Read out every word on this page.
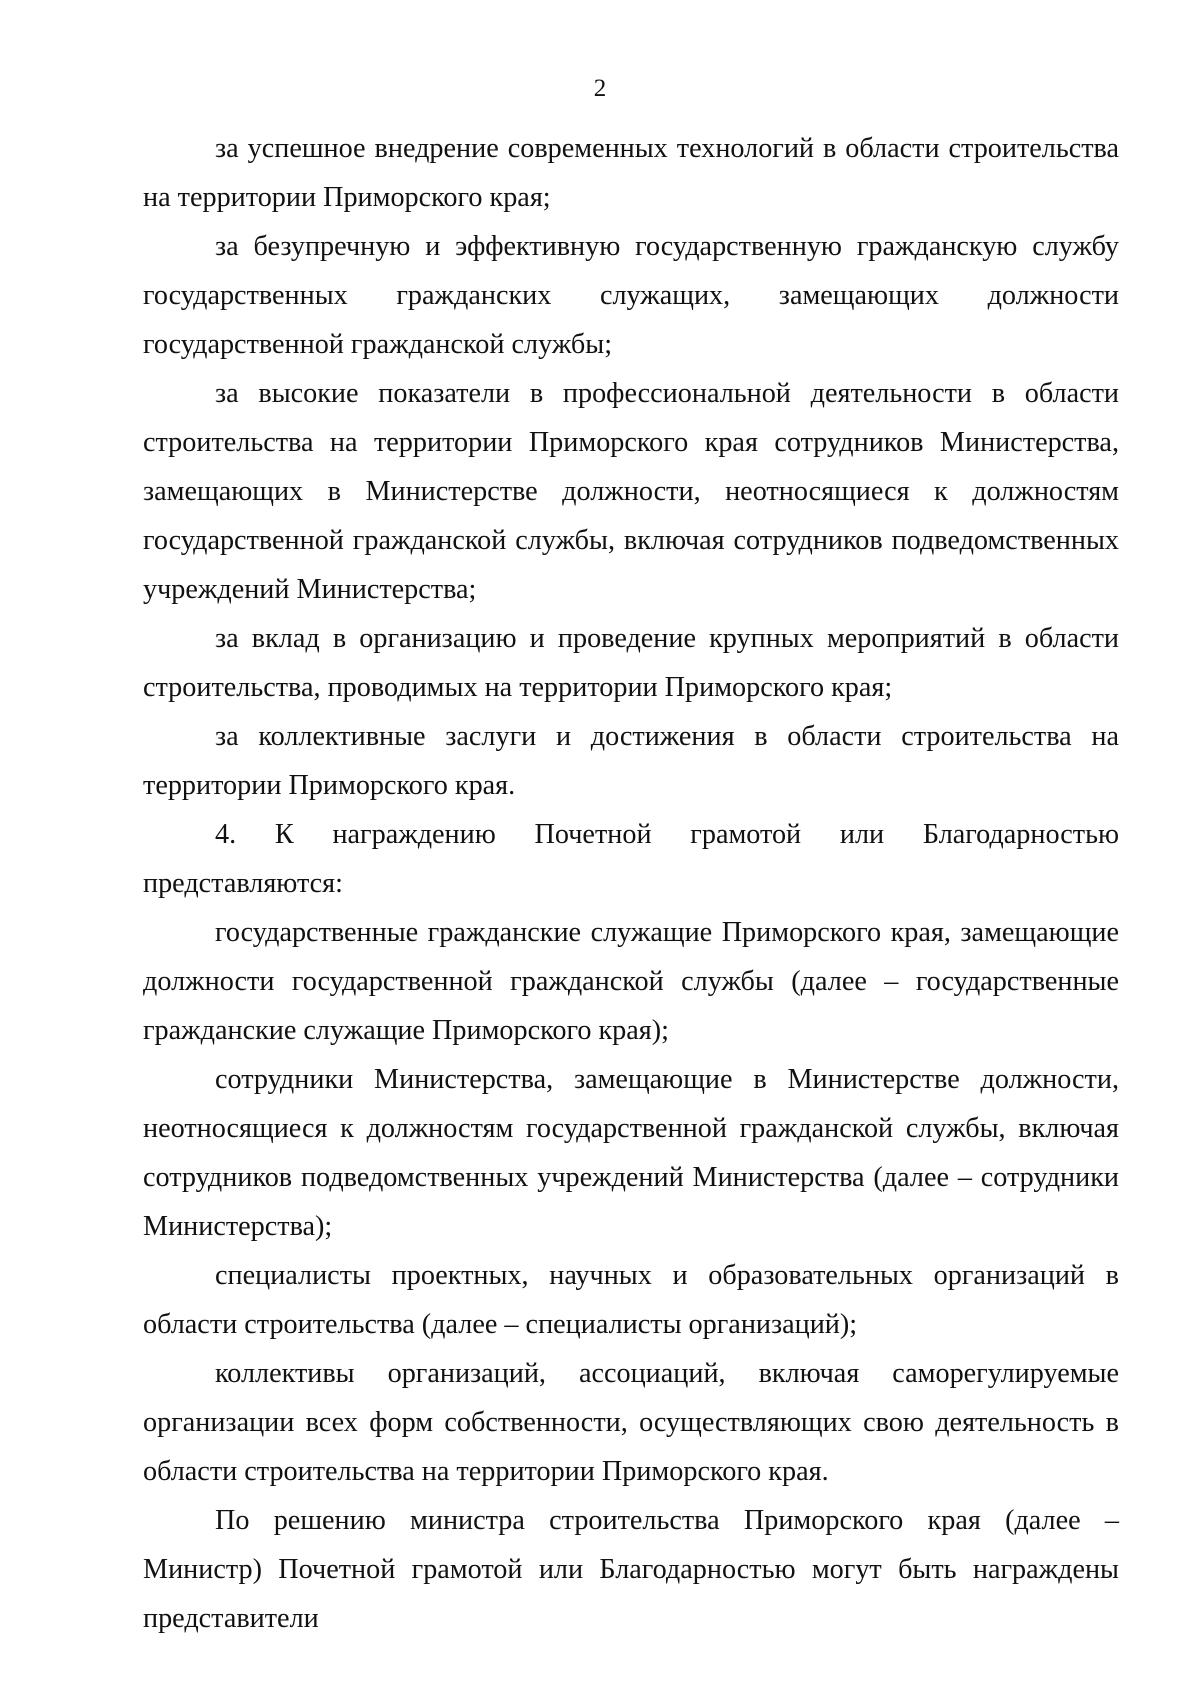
2

за успешное внедрение современных технологий в области строительства на территории Приморского края;

за безупречную и эффективную государственную гражданскую службу государственных гражданских служащих, замещающих должности государственной гражданской службы;

за высокие показатели в профессиональной деятельности в области строительства на территории Приморского края сотрудников Министерства, замещающих в Министерстве должности, неотносящиеся к должностям государственной гражданской службы, включая сотрудников подведомственных учреждений Министерства;

за вклад в организацию и проведение крупных мероприятий в области строительства, проводимых на территории Приморского края;

за коллективные заслуги и достижения в области строительства на территории Приморского края.

4. К награждению Почетной грамотой или Благодарностью представляются:

государственные гражданские служащие Приморского края, замещающие должности государственной гражданской службы (далее – государственные гражданские служащие Приморского края);

сотрудники Министерства, замещающие в Министерстве должности, неотносящиеся к должностям государственной гражданской службы, включая сотрудников подведомственных учреждений Министерства (далее – сотрудники Министерства);

специалисты проектных, научных и образовательных организаций в области строительства (далее – специалисты организаций);

коллективы организаций, ассоциаций, включая саморегулируемые организации всех форм собственности, осуществляющих свою деятельность в области строительства на территории Приморского края.

По решению министра строительства Приморского края (далее – Министр) Почетной грамотой или Благодарностью могут быть награждены представители
